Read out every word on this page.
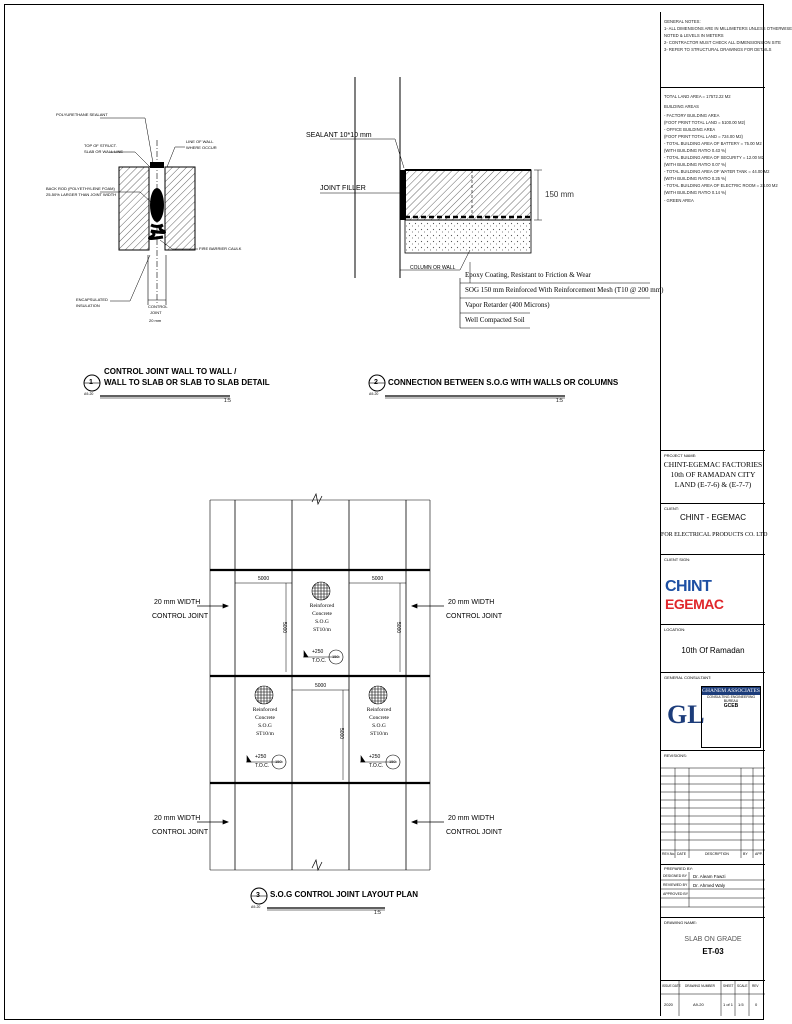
POLYURETHANE SEALANT
TOP OF STRUCT.
SLAB OR WALL LINE
LINE OF WALL
WHERE OCCUR
BACK ROD (POLYETHYLENE FOAM)
25-50% LARGER THAN JOINT WIDTH
FIRE BARRIER CAULK
ENCAPSULATED
INSULATION	CONTROL
JOINT
20 mm
1
A9-20
CONTROL JOINT WALL TO WALL /
WALL TO SLAB OR SLAB TO SLAB DETAIL
1:5
SEALANT 10*10 mm
JOINT FILLER
150 mm
COLUMN OR WALL
Epoxy Coating, Resistant to Friction & Wear
SOG 150 mm Reinforced With Reinforcement Mesh (T10 @ 200 mm)
Vapor Retarder (400 Microns)
Well Compacted Soil
2
A9-20
CONNECTION BETWEEN S.O.G WITH WALLS OR COLUMNS
1:5
20 mm WIDTH
CONTROL JOINT
20 mm WIDTH
CONTROL JOINT
20 mm WIDTH
CONTROL JOINT
20 mm WIDTH
CONTROL JOINT
5000	5000
5000
5000	5000
5000
Reinforced Concrete
S.O.G
ST10/m
Reinforced Concrete
S.O.G
ST10/m
Reinforced Concrete
S.O.G
ST10/m
+250
T.O.C.
150
+250
T.O.C.
150
+250
T.O.C.
150
3
A9-20
S.O.G CONTROL JOINT LAYOUT PLAN
1:5
GENERAL NOTES:
1- ALL DIMENSIONS ARE IN MILLIMETERS UNLESS OTHERWISE
NOTED & LEVELS IN METERS
2- CONTRACTOR MUST CHECK ALL DIMENSIONS ON SITE
3- REFER TO STRUCTURAL DRAWINGS FOR DETAILS
TOTAL LAND AREA = 17572.22 M2
BUILDING AREAS
- FACTORY BUILDING AREA
(FOOT PRINT TOTAL LAND = 5100.00 M2)
- OFFICE BUILDING AREA
(FOOT PRINT TOTAL LAND = 724.00 M2)
- TOTAL BUILDING AREA OF BATTERY = 75.00 M2
(WITH BUILDING RATIO 0.43 %)
- TOTAL BUILDING AREA OF SECURITY = 12.00 M2
(WITH BUILDING RATIO 0.07 %)
- TOTAL BUILDING AREA OF WATER TANK = 44.00 M2
(WITH BUILDING RATIO 0.25 %)
- TOTAL BUILDING AREA OF ELECTRIC ROOM = 24.00 M2
(WITH BUILDING RATIO 0.14 %)
- GREEN AREA
PROJECT NAME:
CHINT-EGEMAC FACTORIES
10th OF RAMADAN CITY
LAND (E-7-6) & (E-7-7)
CLIENT:
CHINT - EGEMAC
FOR ELECTRICAL PRODUCTS CO. LTD
CLIENT SIGN:
CHINT EGEMAC
LOCATION:
10th Of Ramadan
GENERAL CONSULTANT:
GL
GHANEM ASSOCIATES
CONSULTING ENGINEERING BUREAU
GCEB
REVISIONS:
REV.No. DATE	DESCRIPTION	BY APP.
PREPARED BY:
DESIGNED BY Dr. Aleam Fawzi
REVIEWED BY Dr. Ahmed Waly
APPROVED BY
DRAWING NAME:
SLAB ON GRADE
ET-03
ISSUE DATE DRAWING NUMBER	SHEET SCALE REV
2020	A9-20	1 of 1 1:5	0
